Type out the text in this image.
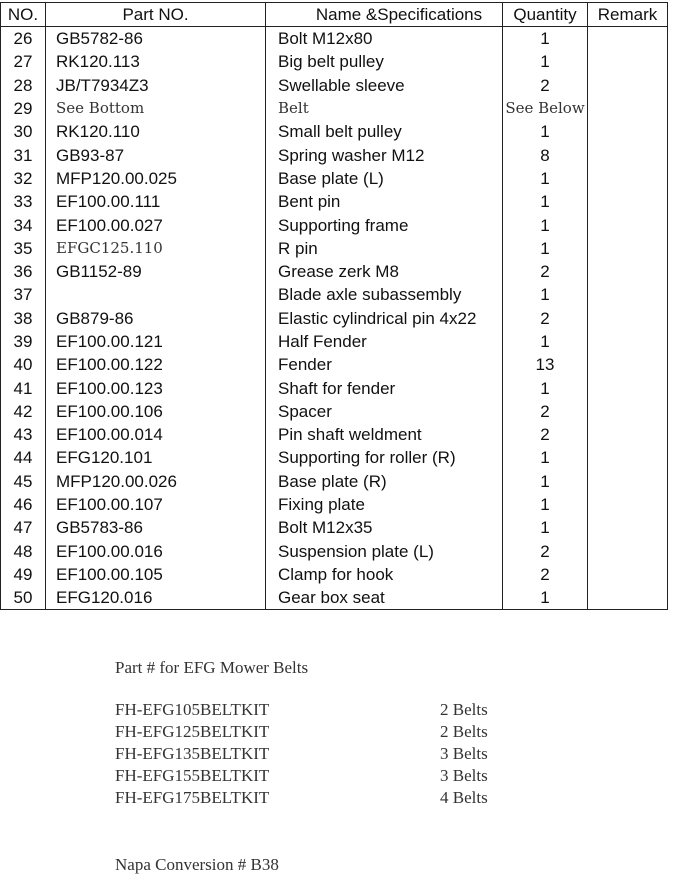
NO.	Part NO.	Name &Specifications	Quantity	Remark
26	GB5782-86	Bolt M12x80	1	
27	RK120.113	Big belt pulley	1	
28	JB/T7934Z3	Swellable sleeve	2	
29	See Bottom	Belt	See Below	
30	RK120.110	Small belt pulley	1	
31	GB93-87	Spring washer M12	8	
32	MFP120.00.025	Base plate (L)	1	
33	EF100.00.111	Bent pin	1	
34	EF100.00.027	Supporting frame	1	
35	EFGC125.110	R pin	1	
36	GB1152-89	Grease zerk M8	2	
37		Blade axle subassembly	1	
38	GB879-86	Elastic cylindrical pin 4x22	2	
39	EF100.00.121	Half Fender	1	
40	EF100.00.122	Fender	13	
41	EF100.00.123	Shaft for fender	1	
42	EF100.00.106	Spacer	2	
43	EF100.00.014	Pin shaft weldment	2	
44	EFG120.101	Supporting for roller (R)	1	
45	MFP120.00.026	Base plate (R)	1	
46	EF100.00.107	Fixing plate	1	
47	GB5783-86	Bolt M12x35	1	
48	EF100.00.016	Suspension plate (L)	2	
49	EF100.00.105	Clamp for hook	2	
50	EFG120.016	Gear box seat	1	
Part # for EFG Mower Belts
FH-EFG105BELTKIT	2 Belts
FH-EFG125BELTKIT	2 Belts
FH-EFG135BELTKIT	3 Belts
FH-EFG155BELTKIT	3 Belts
FH-EFG175BELTKIT	4 Belts
Napa Conversion # B38
